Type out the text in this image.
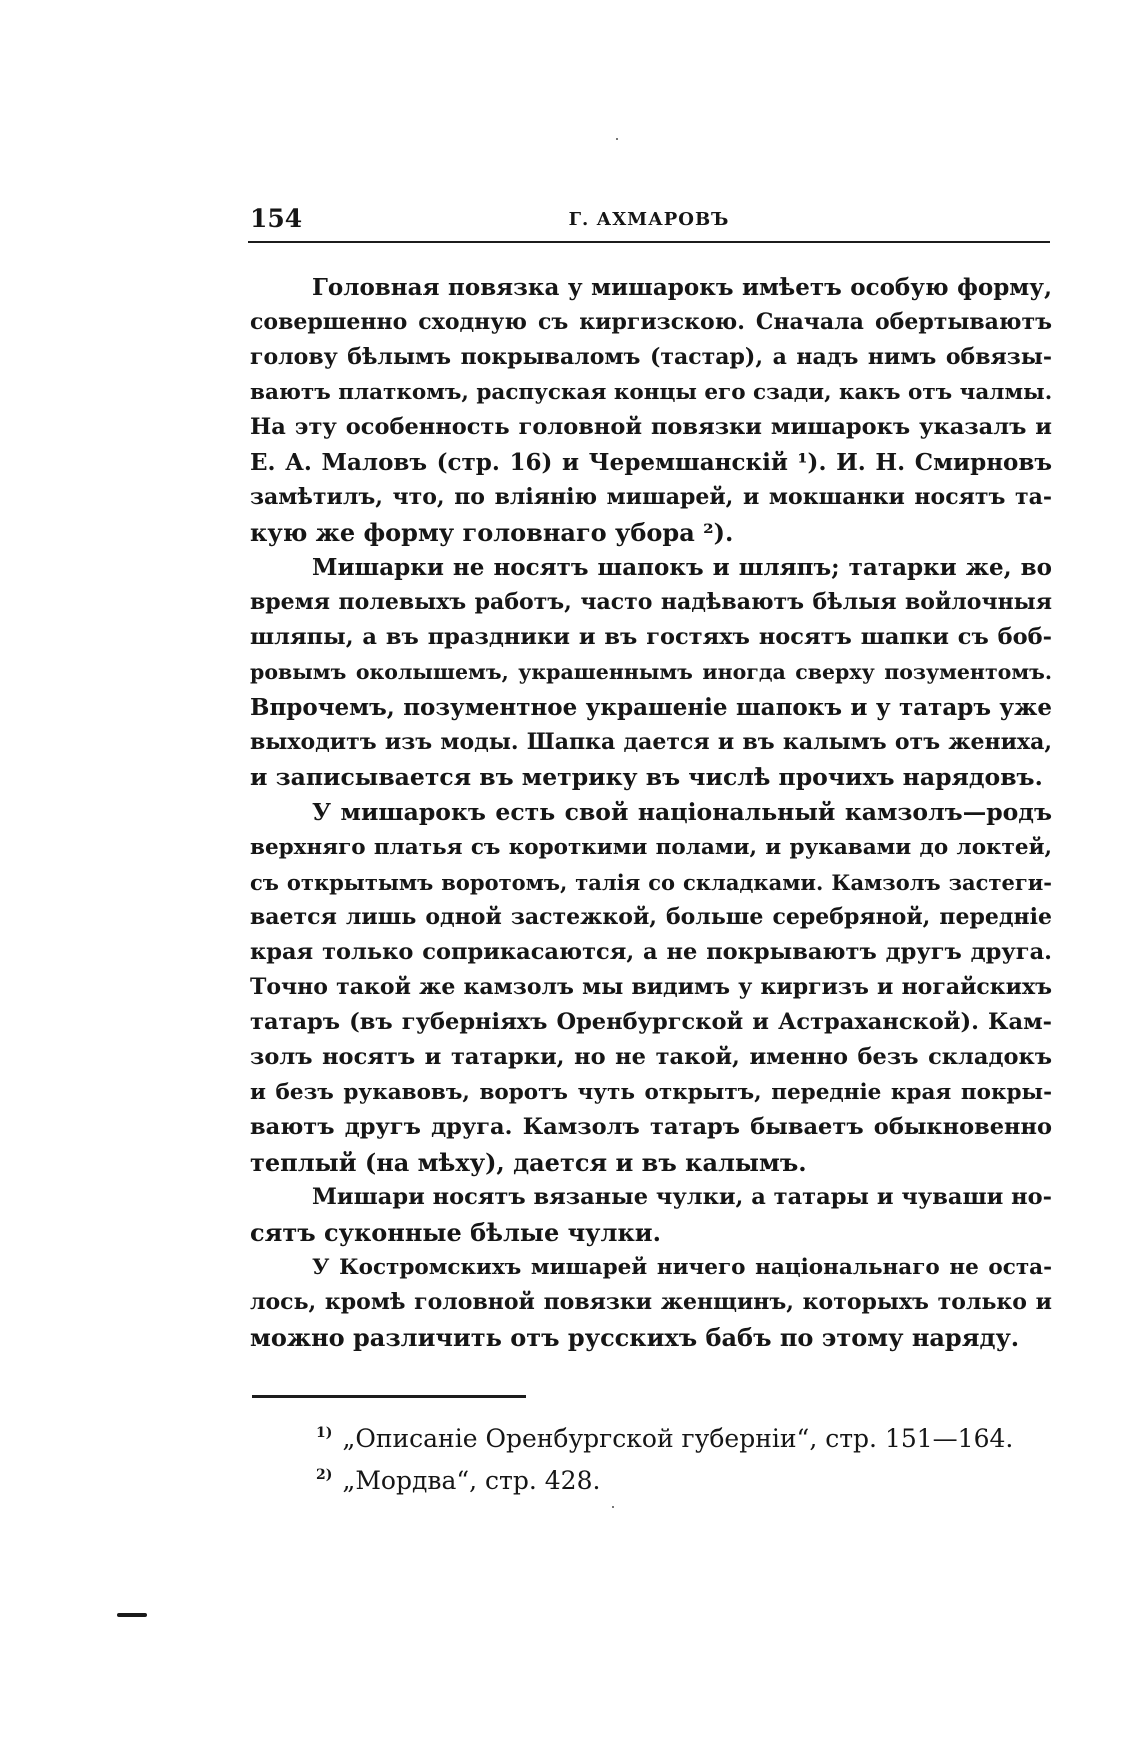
154	Г. АХМАРОВЪ
Головная повязка у мишарокъ имѣетъ особую форму,
совершенно сходную съ киргизскою. Сначала обертываютъ
голову бѣлымъ покрываломъ (тастар), а надъ нимъ обвязы-
ваютъ платкомъ, распуская концы его сзади, какъ отъ чалмы.
На эту особенность головной повязки мишарокъ указалъ и
Е. А. Маловъ (стр. 16) и Черемшанскій ¹). И. Н. Смирновъ
замѣтилъ, что, по вліянію мишарей, и мокшанки носятъ та-
кую же форму головнаго убора ²).
Мишарки не носятъ шапокъ и шляпъ; татарки же, во
время полевыхъ работъ, часто надѣваютъ бѣлыя войлочныя
шляпы, а въ праздники и въ гостяхъ носятъ шапки съ боб-
ровымъ околышемъ, украшеннымъ иногда сверху позументомъ.
Впрочемъ, позументное украшеніе шапокъ и у татаръ уже
выходитъ изъ моды. Шапка дается и въ калымъ отъ жениха,
и записывается въ метрику въ числѣ прочихъ нарядовъ.
У мишарокъ есть свой національный камзолъ—родъ
верхняго платья съ короткими полами, и рукавами до локтей,
съ открытымъ воротомъ, талія со складками. Камзолъ застеги-
вается лишь одной застежкой, больше серебряной, передніе
края только соприкасаются, а не покрываютъ другъ друга.
Точно такой же камзолъ мы видимъ у киргизъ и ногайскихъ
татаръ (въ губерніяхъ Оренбургской и Астраханской). Кам-
золъ носятъ и татарки, но не такой, именно безъ складокъ
и безъ рукавовъ, воротъ чуть открытъ, передніе края покры-
ваютъ другъ друга. Камзолъ татаръ бываетъ обыкновенно
теплый (на мѣху), дается и въ калымъ.
Мишари носятъ вязаные чулки, а татары и чуваши но-
сятъ суконные бѣлые чулки.
У Костромскихъ мишарей ничего національнаго не оста-
лось, кромѣ головной повязки женщинъ, которыхъ только и
можно различить отъ русскихъ бабъ по этому наряду.
$^{1)}$ „Описаніе Оренбургской губерніи“, стр. 151—164.
$^{2)}$ „Мордва“, стр. 428.
